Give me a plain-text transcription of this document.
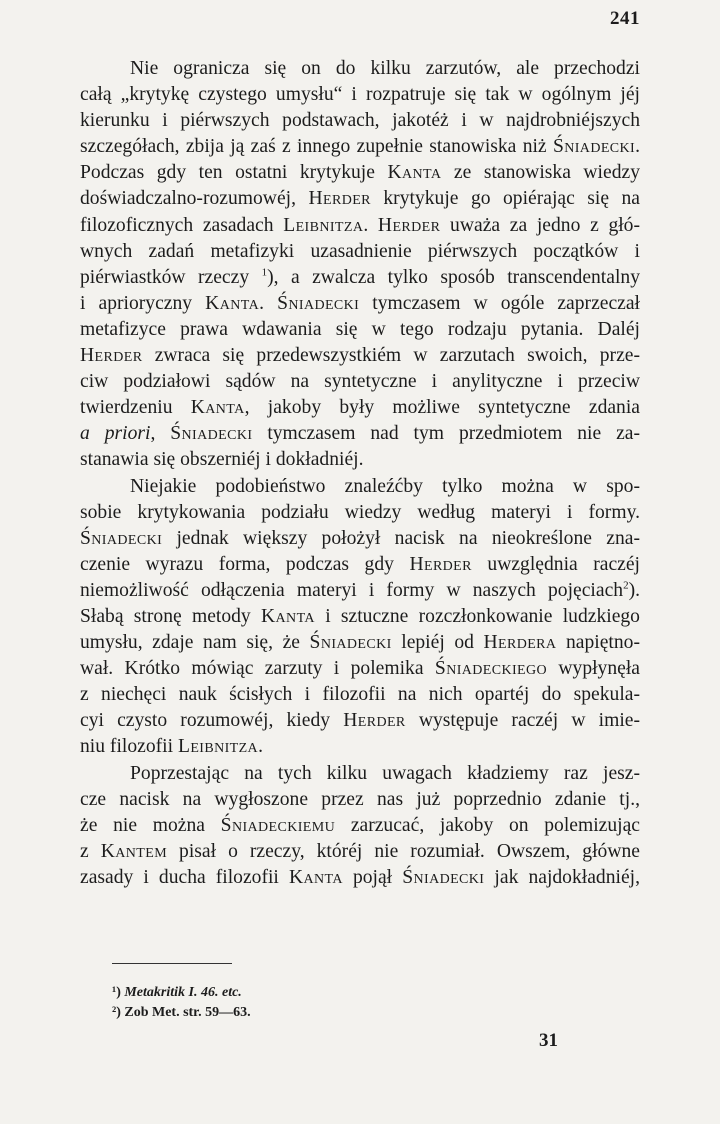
241
Nie ogranicza się on do kilku zarzutów, ale przechodzi
całą „krytykę czystego umysłu“ i rozpatruje się tak w ogólnym jéj
kierunku i piérwszych podstawach, jakotéż i w najdrobniéjszych
szczegółach, zbija ją zaś z innego zupełnie stanowiska niż Śniadecki.
Podczas gdy ten ostatni krytykuje Kanta ze stanowiska wiedzy
doświadczalno-rozumowéj, Herder krytykuje go opiérając się na
filozoficznych zasadach Leibnitza. Herder uważa za jedno z głó-
wnych zadań metafizyki uzasadnienie piérwszych początków i
piérwiastków rzeczy $^1$), a zwalcza tylko sposób transcendentalny
i aprioryczny Kanta. Śniadecki tymczasem w ogóle zaprzeczał
metafizyce prawa wdawania się w tego rodzaju pytania. Daléj
Herder zwraca się przedewszystkiém w zarzutach swoich, prze-
ciw podziałowi sądów na syntetyczne i anylityczne i przeciw
twierdzeniu Kanta, jakoby były możliwe syntetyczne zdania
a priori, Śniadecki tymczasem nad tym przedmiotem nie za-
stanawia się obszerniéj i dokładniéj.
Niejakie podobieństwo znaleźćby tylko można w spo-
sobie krytykowania podziału wiedzy według materyi i formy.
Śniadecki jednak większy położył nacisk na nieokreślone zna-
czenie wyrazu forma, podczas gdy Herder uwzględnia raczéj
niemożliwość odłączenia materyi i formy w naszych pojęciach$^2$).
Słabą stronę metody Kanta i sztuczne rozczłonkowanie ludzkiego
umysłu, zdaje nam się, że Śniadecki lepiéj od Herdera napiętno-
wał. Krótko mówiąc zarzuty i polemika Śniadeckiego wypłynęła
z niechęci nauk ścisłych i filozofii na nich opartéj do spekula-
cyi czysto rozumowéj, kiedy Herder występuje raczéj w imie-
niu filozofii Leibnitza.
Poprzestając na tych kilku uwagach kładziemy raz jesz-
cze nacisk na wygłoszone przez nas już poprzednio zdanie tj.,
że nie można Śniadeckiemu zarzucać, jakoby on polemizując
z Kantem pisał o rzeczy, któréj nie rozumiał. Owszem, główne
zasady i ducha filozofii Kanta pojął Śniadecki jak najdokładniéj,
¹) Metakritik I. 46. etc.
²) Zob Met. str. 59—63.
31
